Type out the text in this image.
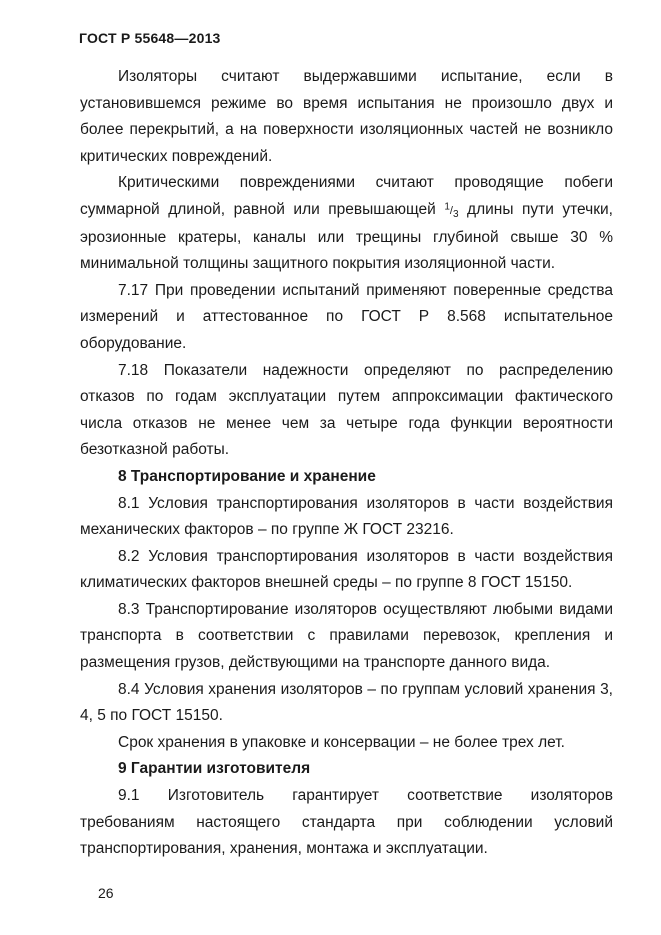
ГОСТ Р 55648—2013

Изоляторы считают выдержавшими испытание, если в установившемся режиме во время испытания не произошло двух и более перекрытий, а на поверхности изоляционных частей не возникло критических повреждений.

Критическими повреждениями считают проводящие побеги суммарной длиной, равной или превышающей $^1/_3$ длины пути утечки, эрозионные кратеры, каналы или трещины глубиной свыше 30 % минимальной толщины защитного покрытия изоляционной части.

7.17 При проведении испытаний применяют поверенные средства измерений и аттестованное по ГОСТ Р 8.568 испытательное оборудование.

7.18 Показатели надежности определяют по распределению отказов по годам эксплуатации путем аппроксимации фактического числа отказов не менее чем за четыре года функции вероятности безотказной работы.

8 Транспортирование и хранение

8.1 Условия транспортирования изоляторов в части воздействия механических факторов – по группе Ж ГОСТ 23216.

8.2 Условия транспортирования изоляторов в части воздействия климатических факторов внешней среды – по группе 8 ГОСТ 15150.

8.3 Транспортирование изоляторов осуществляют любыми видами транспорта в соответствии с правилами перевозок, крепления и размещения грузов, действующими на транспорте данного вида.

8.4 Условия хранения изоляторов – по группам условий хранения 3, 4, 5 по ГОСТ 15150.

Срок хранения в упаковке и консервации – не более трех лет.

9 Гарантии изготовителя

9.1 Изготовитель гарантирует соответствие изоляторов требованиям настоящего стандарта при соблюдении условий транспортирования, хранения, монтажа и эксплуатации.

26
